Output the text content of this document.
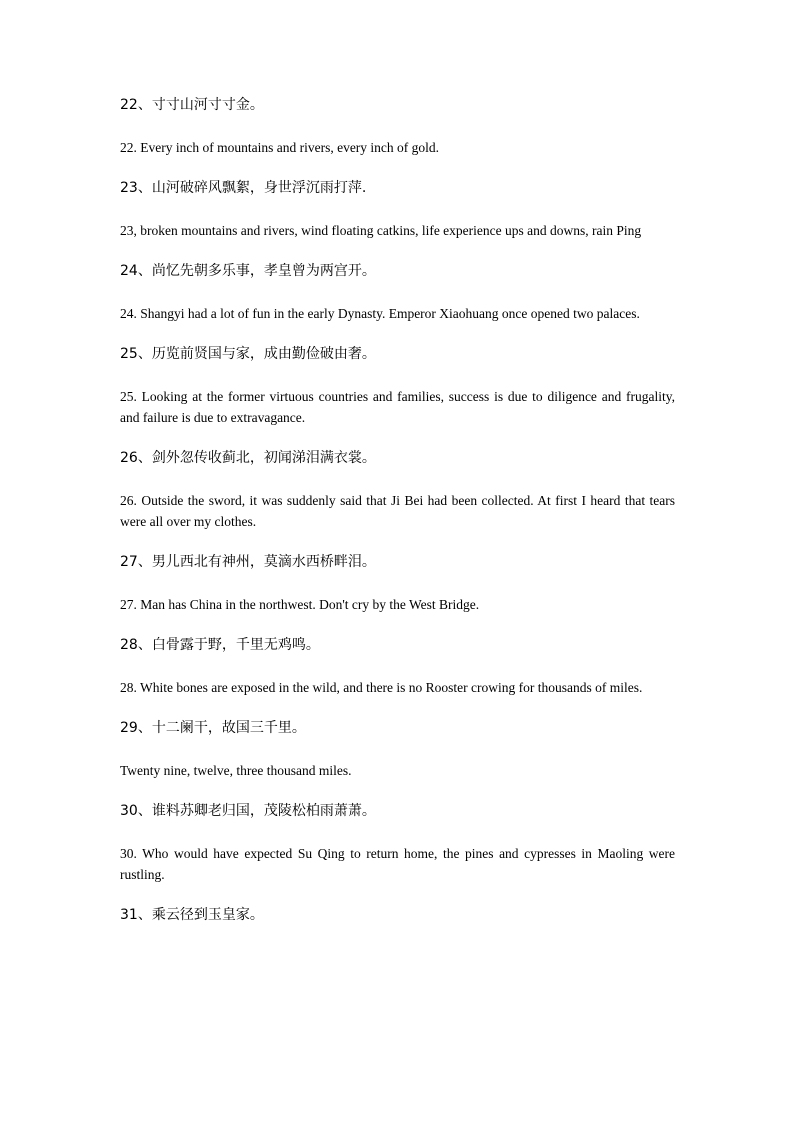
22、寸寸山河寸寸金。

22. Every inch of mountains and rivers, every inch of gold.

23、山河破碎风飘絮，身世浮沉雨打萍.

23, broken mountains and rivers, wind floating catkins, life experience ups and downs, rain Ping

24、尚忆先朝多乐事，孝皇曾为两宫开。

24. Shangyi had a lot of fun in the early Dynasty. Emperor Xiaohuang once opened two palaces.

25、历览前贤国与家，成由勤俭破由奢。

25. Looking at the former virtuous countries and families, success is due to diligence and frugality, and failure is due to extravagance.

26、剑外忽传收蓟北，初闻涕泪满衣裳。

26. Outside the sword, it was suddenly said that Ji Bei had been collected. At first I heard that tears were all over my clothes.

27、男儿西北有神州，莫滴水西桥畔泪。

27. Man has China in the northwest. Don't cry by the West Bridge.

28、白骨露于野，千里无鸡鸣。

28. White bones are exposed in the wild, and there is no Rooster crowing for thousands of miles.

29、十二阑干，故国三千里。

Twenty nine, twelve, three thousand miles.

30、谁料苏卿老归国，茂陵松柏雨萧萧。

30. Who would have expected Su Qing to return home, the pines and cypresses in Maoling were rustling.

31、乘云径到玉皇家。
